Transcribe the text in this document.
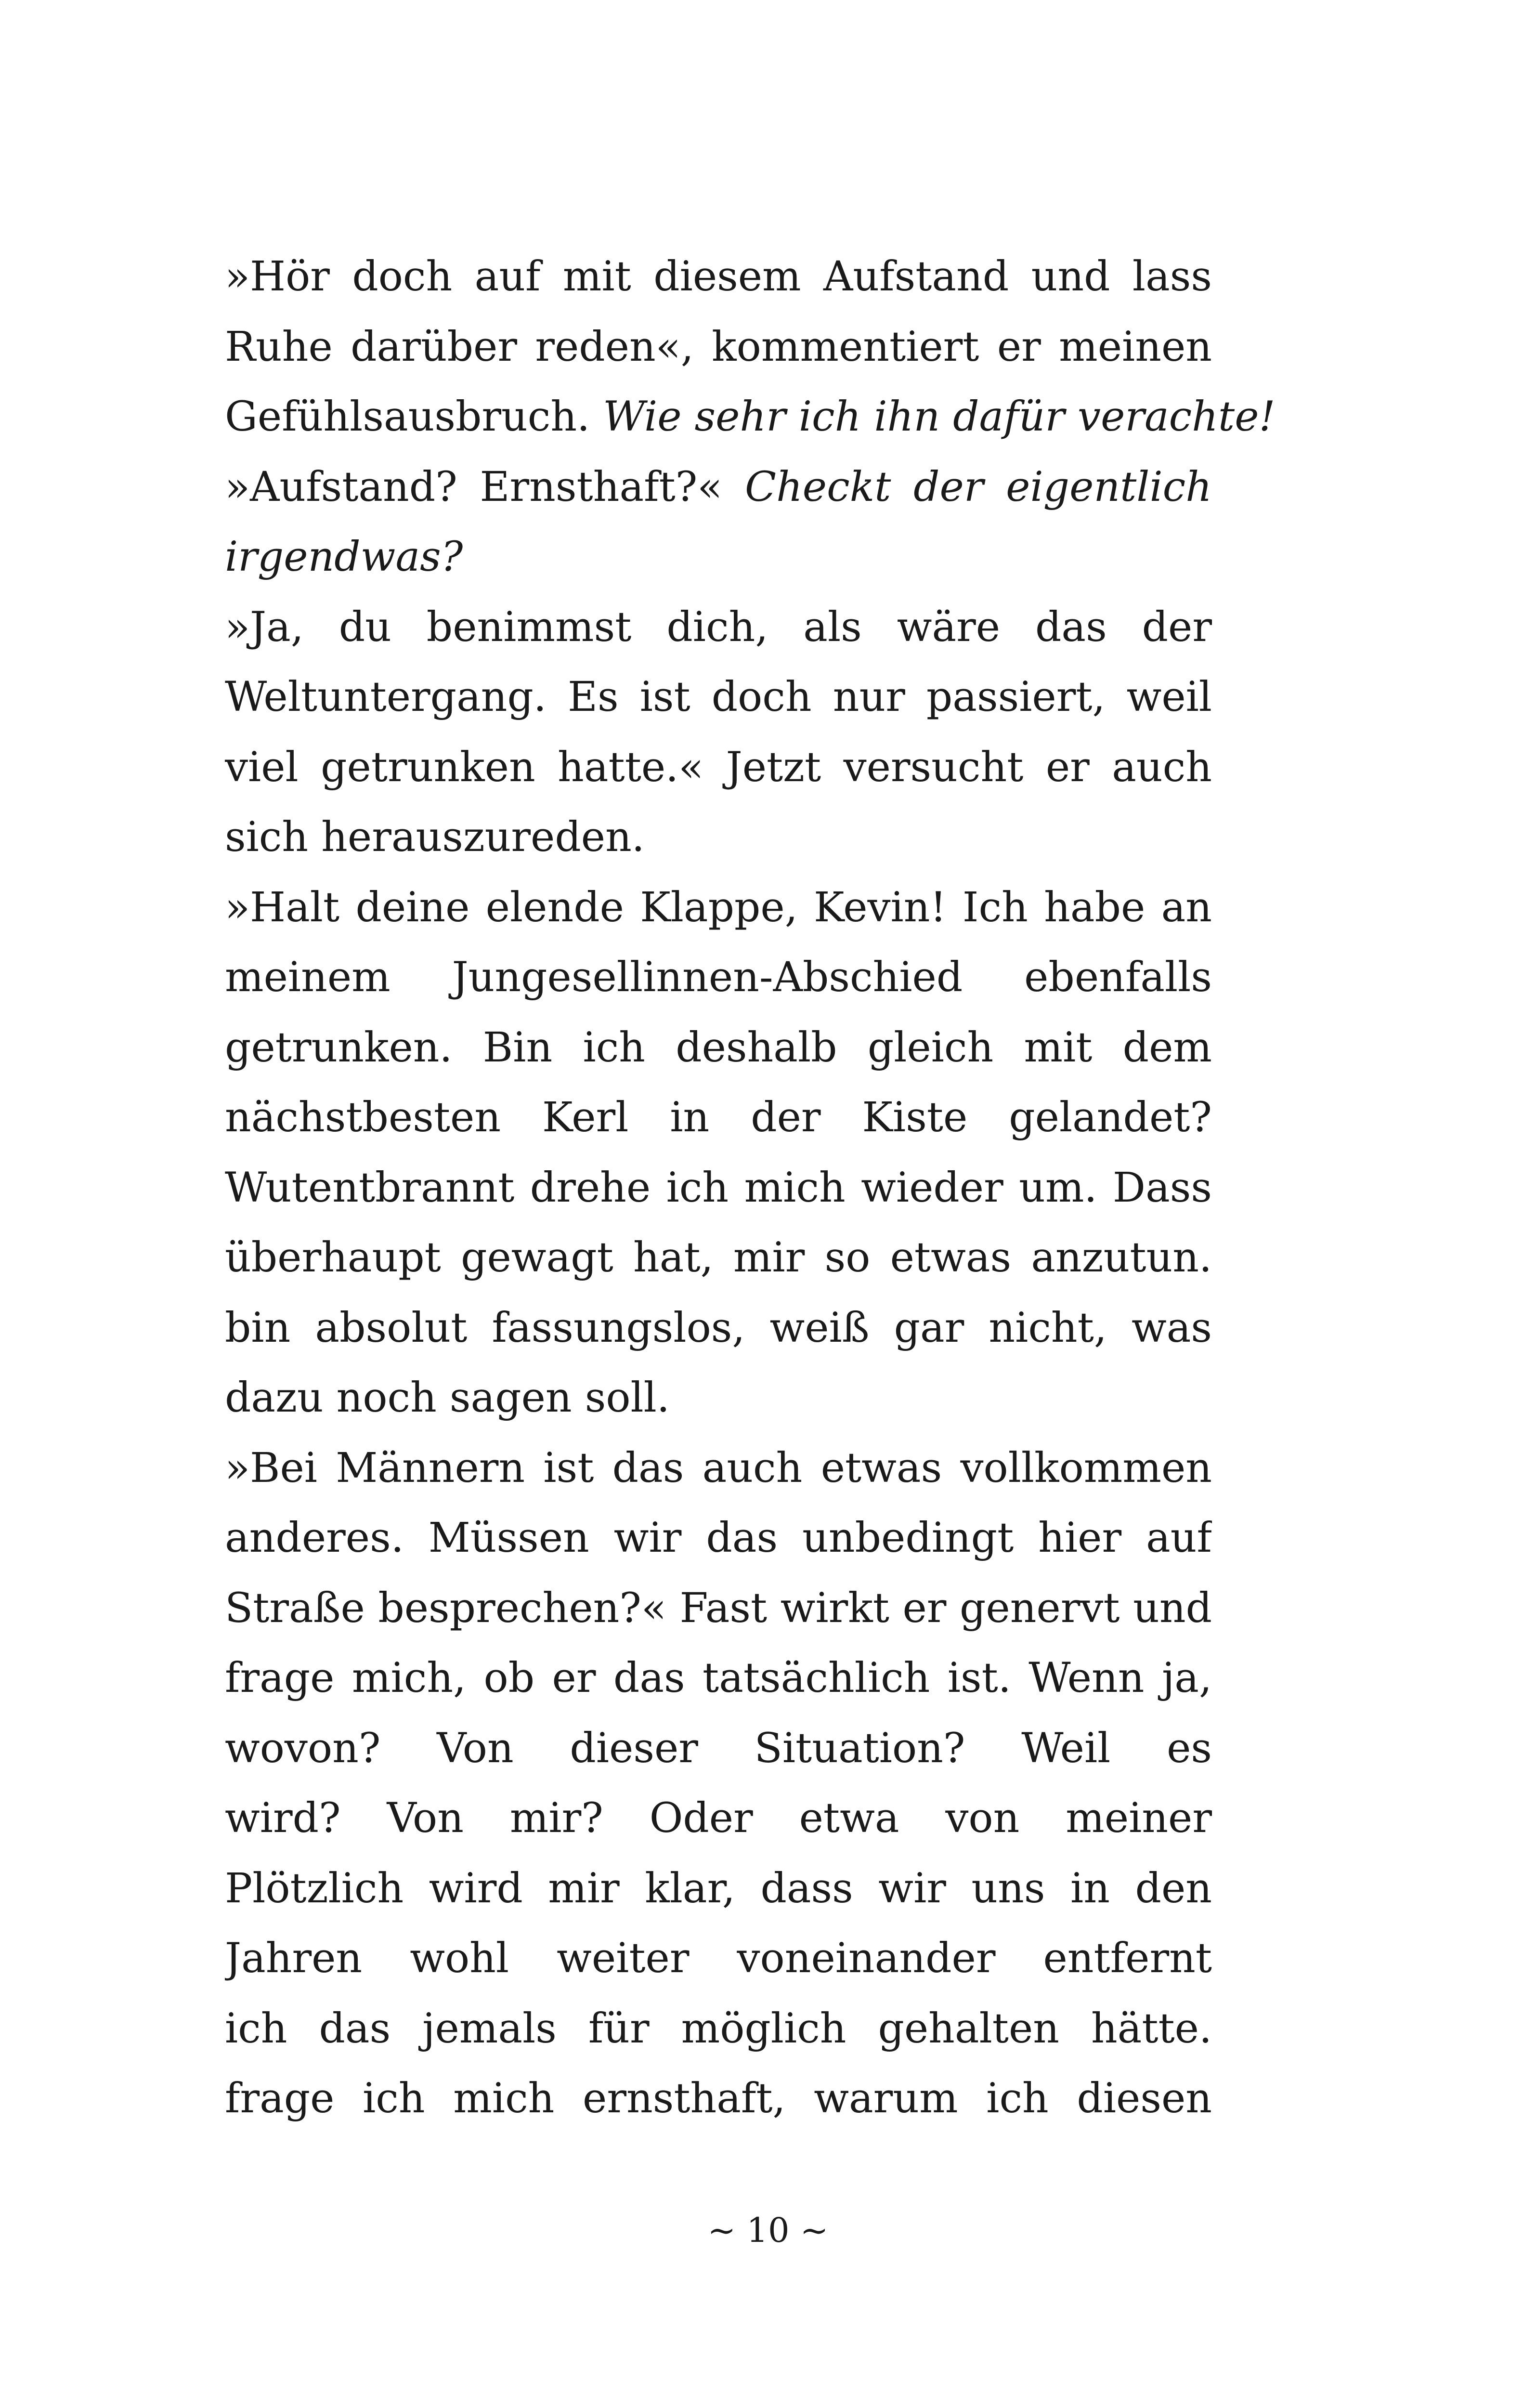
»Hör doch auf mit diesem Aufstand und lass
Ruhe darüber reden«, kommentiert er meinen
Gefühlsausbruch. Wie sehr ich ihn dafür verachte!
»Aufstand? Ernsthaft?« Checkt der eigentlich
irgendwas?
»Ja, du benimmst dich, als wäre das der
Weltuntergang. Es ist doch nur passiert, weil
viel getrunken hatte.« Jetzt versucht er auch
sich herauszureden.
»Halt deine elende Klappe, Kevin! Ich habe an
meinem Jungesellinnen-Abschied ebenfalls
getrunken. Bin ich deshalb gleich mit dem
nächstbesten Kerl in der Kiste gelandet?
Wutentbrannt drehe ich mich wieder um. Dass
überhaupt gewagt hat, mir so etwas anzutun.
bin absolut fassungslos, weiß gar nicht, was
dazu noch sagen soll.
»Bei Männern ist das auch etwas vollkommen
anderes. Müssen wir das unbedingt hier auf
Straße besprechen?« Fast wirkt er genervt und
frage mich, ob er das tatsächlich ist. Wenn ja,
wovon? Von dieser Situation? Weil es
wird? Von mir? Oder etwa von meiner
Plötzlich wird mir klar, dass wir uns in den
Jahren wohl weiter voneinander entfernt
ich das jemals für möglich gehalten hätte.
frage ich mich ernsthaft, warum ich diesen
~ 10 ~
